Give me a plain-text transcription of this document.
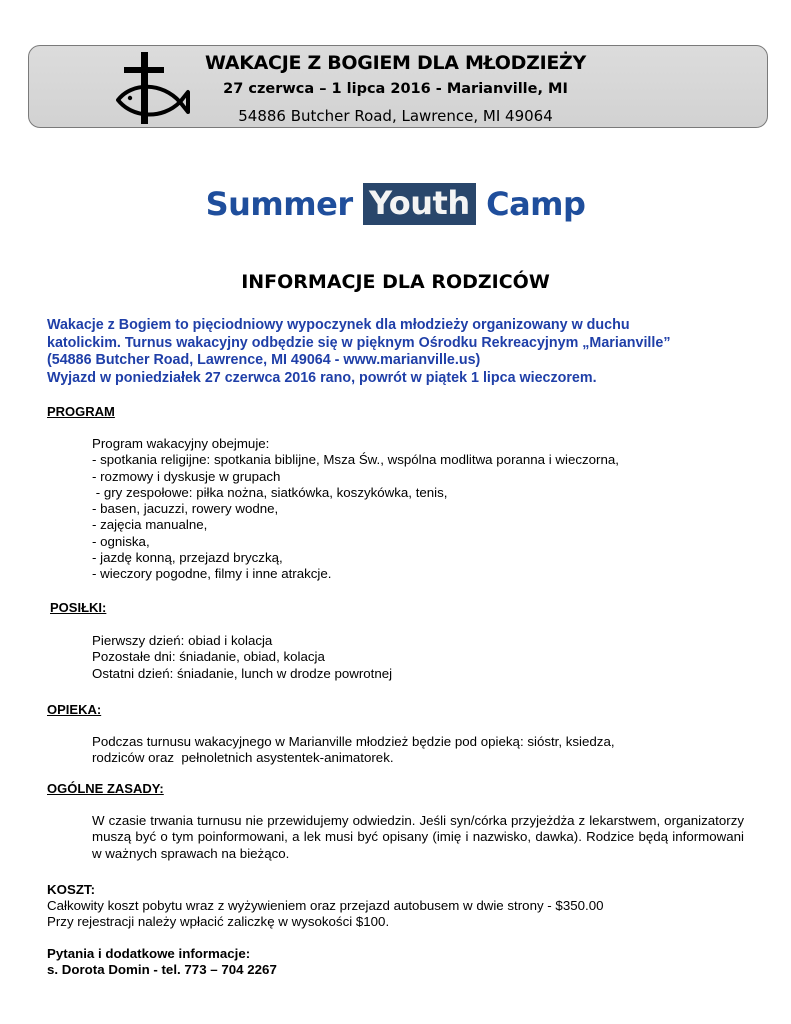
WAKACJE Z BOGIEM DLA MŁODZIEŻY
27 czerwca – 1 lipca 2016 - Marianville, MI
54886 Butcher Road, Lawrence, MI 49064
Summer Youth Camp
INFORMACJE DLA RODZICÓW
Wakacje z Bogiem to pięciodniowy wypoczynek dla młodzieży organizowany w duchu
katolickim. Turnus wakacyjny odbędzie się w pięknym Ośrodku Rekreacyjnym „Marianville”
(54886 Butcher Road, Lawrence, MI 49064 - www.marianville.us)
Wyjazd w poniedziałek 27 czerwca 2016 rano, powrót w piątek 1 lipca wieczorem.
PROGRAM
Program wakacyjny obejmuje:
- spotkania religijne: spotkania biblijne, Msza Św., wspólna modlitwa poranna i wieczorna,
- rozmowy i dyskusje w grupach
- gry zespołowe: piłka nożna, siatkówka, koszykówka, tenis,
- basen, jacuzzi, rowery wodne,
- zajęcia manualne,
- ogniska,
- jazdę konną, przejazd bryczką,
- wieczory pogodne, filmy i inne atrakcje.
POSIŁKI:
Pierwszy dzień: obiad i kolacja
Pozostałe dni: śniadanie, obiad, kolacja
Ostatni dzień: śniadanie, lunch w drodze powrotnej
OPIEKA:
Podczas turnusu wakacyjnego w Marianville młodzież będzie pod opieką: sióstr, ksiedza,
rodziców oraz  pełnoletnich asystentek-animatorek.
OGÓLNE ZASADY:
W czasie trwania turnusu nie przewidujemy odwiedzin. Jeśli syn/córka przyjeżdża z lekarstwem, organizatorzy muszą być o tym poinformowani, a lek musi być opisany (imię i nazwisko, dawka). Rodzice będą informowani w ważnych sprawach na bieżąco.
KOSZT:
Całkowity koszt pobytu wraz z wyżywieniem oraz przejazd autobusem w dwie strony - $350.00
Przy rejestracji należy wpłacić zaliczkę w wysokości $100.
Pytania i dodatkowe informacje:
s. Dorota Domin - tel. 773 – 704 2267
